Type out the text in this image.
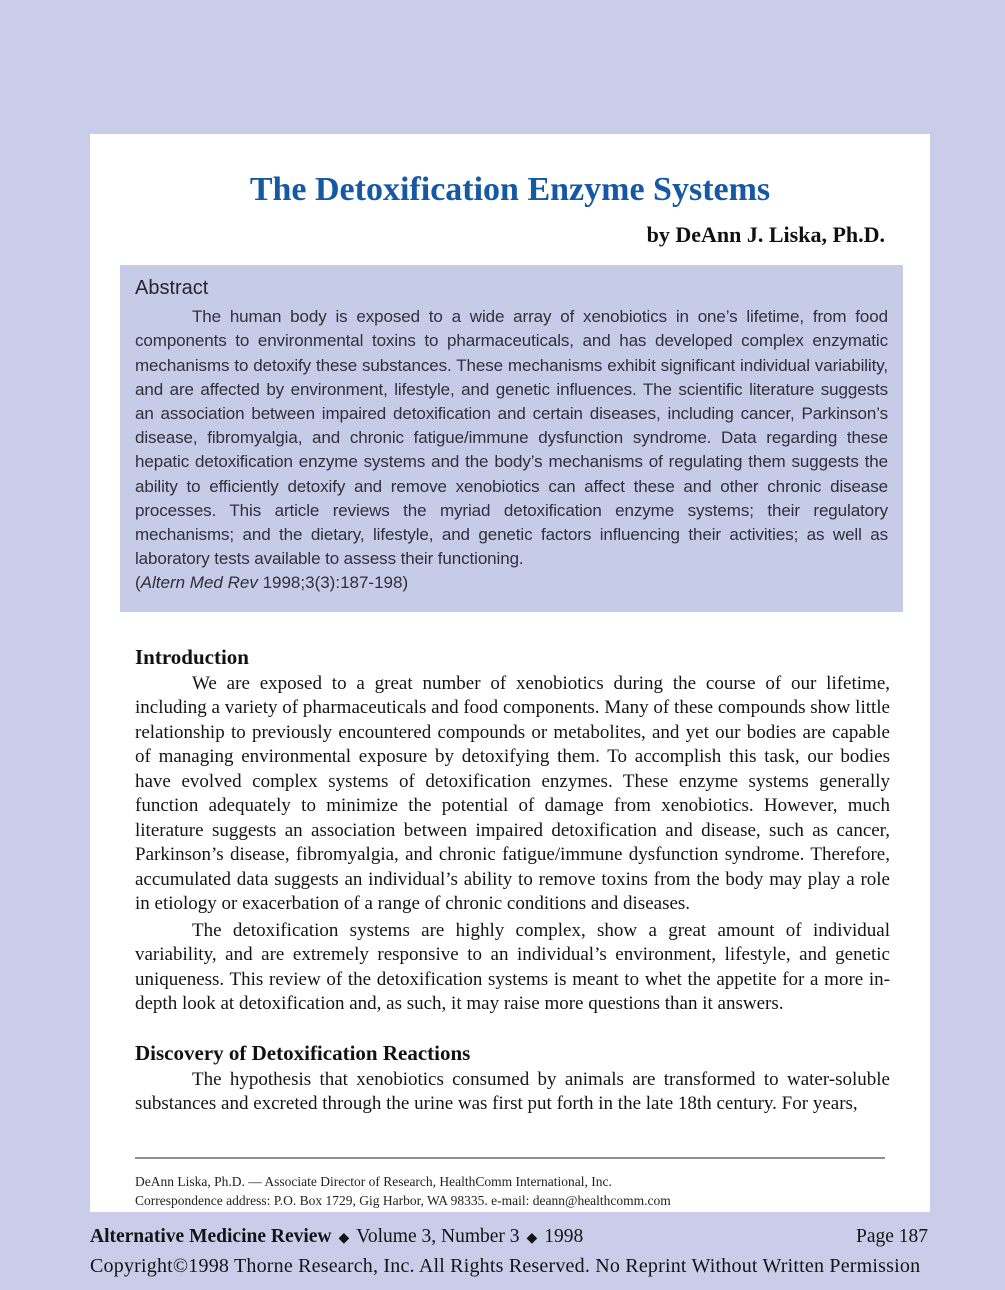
The Detoxification Enzyme Systems
by DeAnn J. Liska, Ph.D.
Abstract

The human body is exposed to a wide array of xenobiotics in one’s lifetime, from food components to environmental toxins to pharmaceuticals, and has developed complex enzymatic mechanisms to detoxify these substances. These mechanisms exhibit significant individual variability, and are affected by environment, lifestyle, and genetic influences. The scientific literature suggests an association between impaired detoxification and certain diseases, including cancer, Parkinson’s disease, fibromyalgia, and chronic fatigue/immune dysfunction syndrome. Data regarding these hepatic detoxification enzyme systems and the body’s mechanisms of regulating them suggests the ability to efficiently detoxify and remove xenobiotics can affect these and other chronic disease processes. This article reviews the myriad detoxification enzyme systems; their regulatory mechanisms; and the dietary, lifestyle, and genetic factors influencing their activities; as well as laboratory tests available to assess their functioning.

(Altern Med Rev 1998;3(3):187-198)
Introduction

We are exposed to a great number of xenobiotics during the course of our lifetime, including a variety of pharmaceuticals and food components. Many of these compounds show little relationship to previously encountered compounds or metabolites, and yet our bodies are capable of managing environmental exposure by detoxifying them. To accomplish this task, our bodies have evolved complex systems of detoxification enzymes. These enzyme systems generally function adequately to minimize the potential of damage from xenobiotics. However, much literature suggests an association between impaired detoxification and disease, such as cancer, Parkinson’s disease, fibromyalgia, and chronic fatigue/immune dysfunction syndrome. Therefore, accumulated data suggests an individual’s ability to remove toxins from the body may play a role in etiology or exacerbation of a range of chronic conditions and diseases.

The detoxification systems are highly complex, show a great amount of individual variability, and are extremely responsive to an individual’s environment, lifestyle, and genetic uniqueness. This review of the detoxification systems is meant to whet the appetite for a more in-depth look at detoxification and, as such, it may raise more questions than it answers.

Discovery of Detoxification Reactions

The hypothesis that xenobiotics consumed by animals are transformed to water-soluble substances and excreted through the urine was first put forth in the late 18th century. For years,

DeAnn Liska, Ph.D. — Associate Director of Research, HealthComm International, Inc.
Correspondence address: P.O. Box 1729, Gig Harbor, WA 98335. e-mail: deann@healthcomm.com
Alternative Medicine Review ◆ Volume 3, Number 3 ◆ 1998	Page 187
Copyright©1998 Thorne Research, Inc. All Rights Reserved. No Reprint Without Written Permission
